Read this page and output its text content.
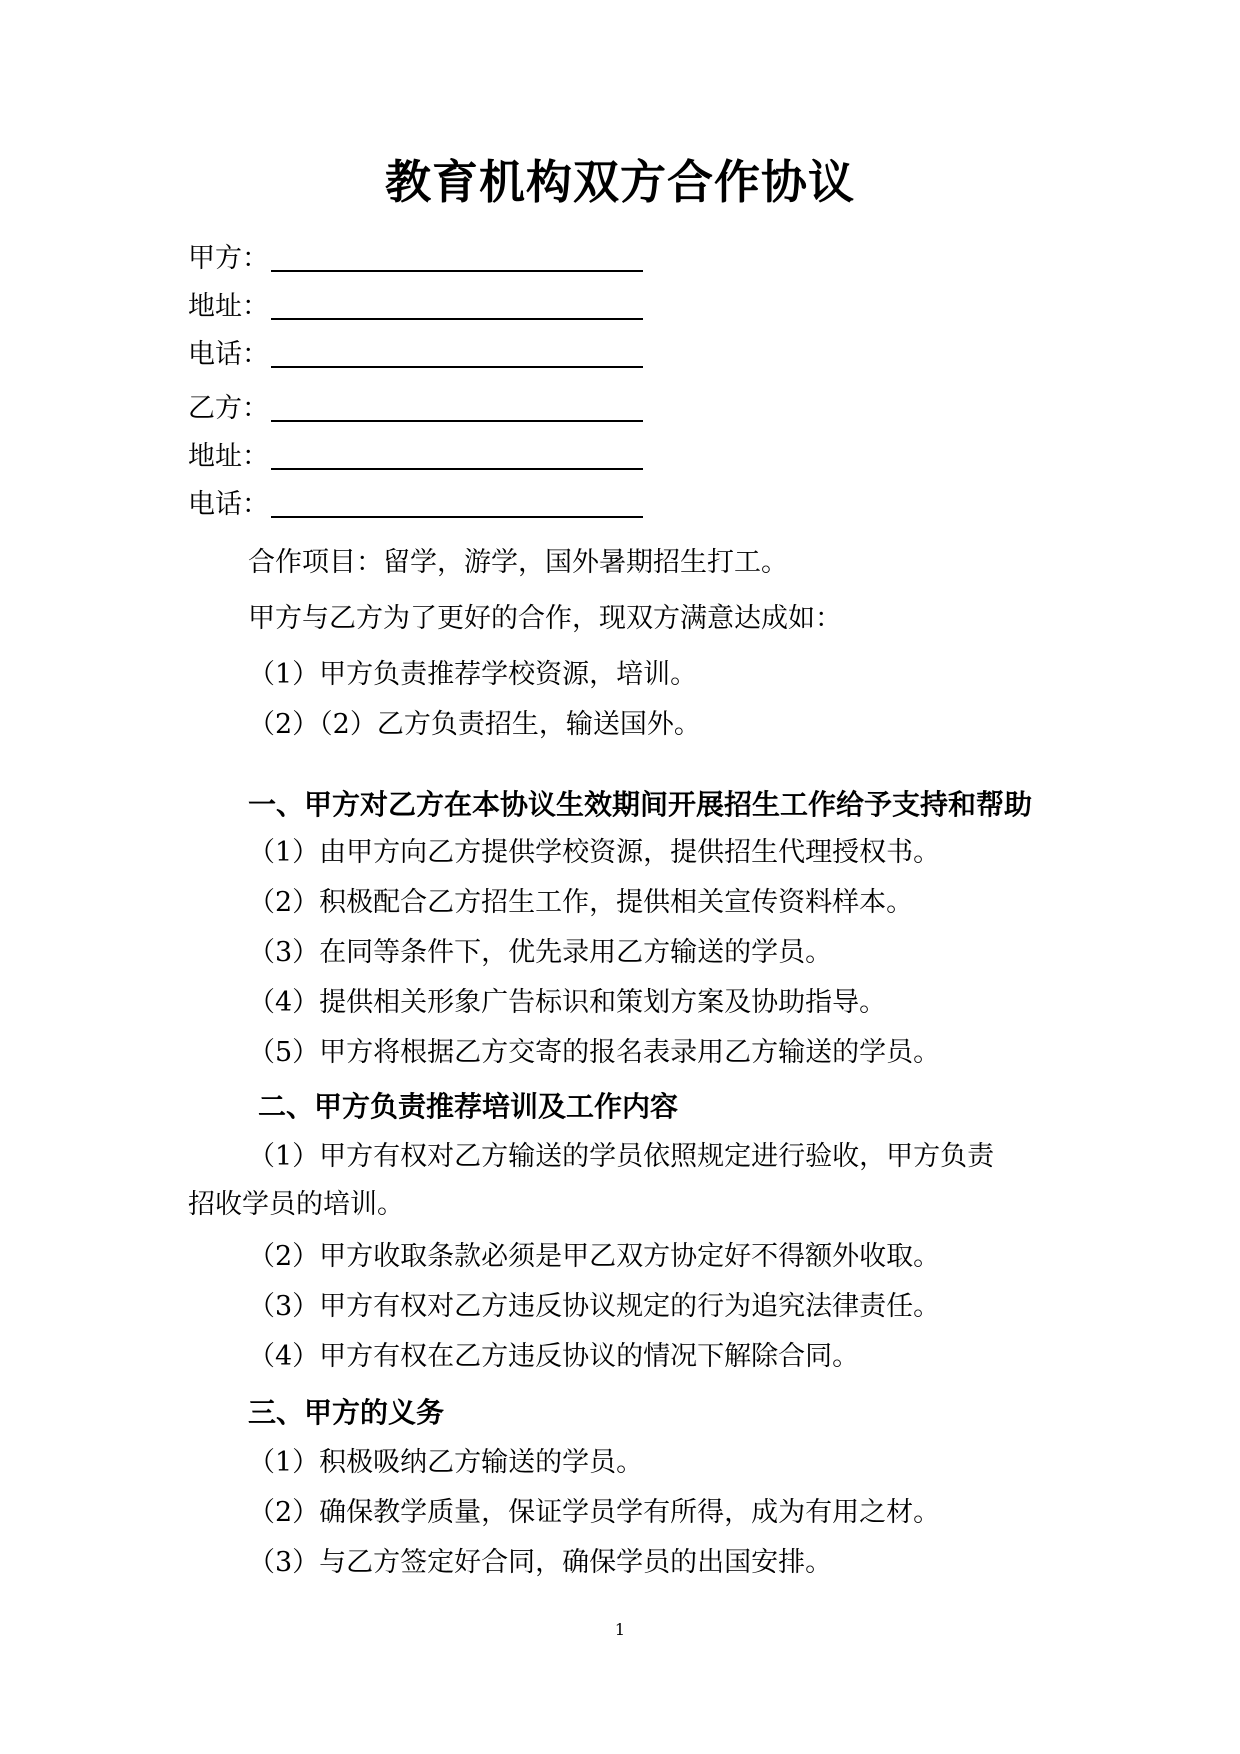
教育机构双方合作协议
甲方：
地址：
电话：
乙方：
地址：
电话：
合作项目：留学，游学，国外暑期招生打工。
甲方与乙方为了更好的合作，现双方满意达成如：
（1）甲方负责推荐学校资源，培训。
（2）（2）乙方负责招生，输送国外。
一、甲方对乙方在本协议生效期间开展招生工作给予支持和帮助
（1）由甲方向乙方提供学校资源，提供招生代理授权书。
（2）积极配合乙方招生工作，提供相关宣传资料样本。
（3）在同等条件下，优先录用乙方输送的学员。
（4）提供相关形象广告标识和策划方案及协助指导。
（5）甲方将根据乙方交寄的报名表录用乙方输送的学员。
二、甲方负责推荐培训及工作内容
（1）甲方有权对乙方输送的学员依照规定进行验收，甲方负责
招收学员的培训。
（2）甲方收取条款必须是甲乙双方协定好不得额外收取。
（3）甲方有权对乙方违反协议规定的行为追究法律责任。
（4）甲方有权在乙方违反协议的情况下解除合同。
三、甲方的义务
（1）积极吸纳乙方输送的学员。
（2）确保教学质量，保证学员学有所得，成为有用之材。
（3）与乙方签定好合同，确保学员的出国安排。
1
